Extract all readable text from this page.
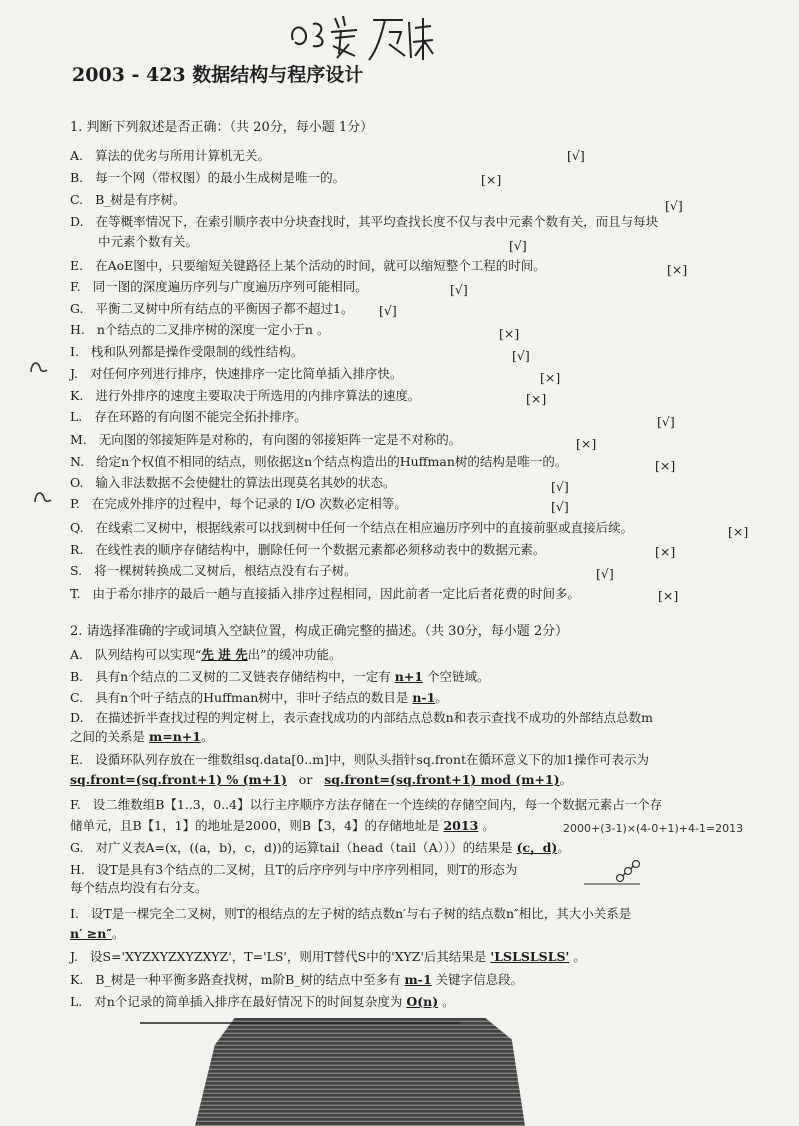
2003 - 423 数据结构与程序设计
1. 判断下列叙述是否正确：（共 20分，每小题 1分）
A. 算法的优劣与所用计算机无关。	[√]
B. 每一个网（带权图）的最小生成树是唯一的。	[×]
C. B_树是有序树。	[√]
D. 在等概率情况下，在索引顺序表中分块查找时，其平均查找长度不仅与表中元素个数有关，而且与每块
中元素个数有关。	[√]
E. 在AoE图中，只要缩短关键路径上某个活动的时间，就可以缩短整个工程的时间。	[×]
F. 同一图的深度遍历序列与广度遍历序列可能相同。	[√]
G. 平衡二叉树中所有结点的平衡因子都不超过1。 [√]
H. n个结点的二叉排序树的深度一定小于n 。	[×]
I. 栈和队列都是操作受限制的线性结构。	[√]
J. 对任何序列进行排序，快速排序一定比简单插入排序快。	[×]
K. 进行外排序的速度主要取决于所选用的内排序算法的速度。	[×]
L. 存在环路的有向图不能完全拓扑排序。	[√]
M. 无向图的邻接矩阵是对称的，有向图的邻接矩阵一定是不对称的。	[×]
N. 给定n个权值不相同的结点，则依据这n个结点构造出的Huffman树的结构是唯一的。	[×]
O. 输入非法数据不会使健壮的算法出现莫名其妙的状态。	[√]
P. 在完成外排序的过程中，每个记录的 I/O 次数必定相等。	[√]
Q. 在线索二叉树中，根据线索可以找到树中任何一个结点在相应遍历序列中的直接前驱或直接后续。	[×]
R. 在线性表的顺序存储结构中，删除任何一个数据元素都必须移动表中的数据元素。	[×]
S. 将一棵树转换成二叉树后，根结点没有右子树。	[√]
T. 由于希尔排序的最后一趟与直接插入排序过程相同，因此前者一定比后者花费的时间多。	[×]
2. 请选择准确的字或词填入空缺位置，构成正确完整的描述。（共 30分，每小题 2分）
A. 队列结构可以实现“先 进 先出”的缓冲功能。
B. 具有n个结点的二叉树的二叉链表存储结构中，一定有 n+1 个空链域。
C. 具有n个叶子结点的Huffman树中，非叶子结点的数目是 n-1。
D. 在描述折半查找过程的判定树上，表示查找成功的内部结点总数n和表示查找不成功的外部结点总数m
之间的关系是 m=n+1。
E. 设循环队列存放在一维数组sq.data[0..m]中，则队头指针sq.front在循环意义下的加1操作可表示为
sq.front=(sq.front+1) % (m+1) or sq.front=(sq.front+1) mod (m+1)。
F. 设二维数组B【1..3，0..4】以行主序顺序方法存储在一个连续的存储空间内，每一个数据元素占一个存
储单元，且B【1，1】的地址是2000，则B【3，4】的存储地址是 2013 。	2000+(3-1)×(4-0+1)+4-1=2013
G. 对广义表A=(x，((a，b)，c，d))的运算tail（head（tail（A）））的结果是 (c，d)。
H. 设T是具有3个结点的二叉树，且T的后序序列与中序序列相同，则T的形态为
每个结点均没有右分支。
I. 设T是一棵完全二叉树，则T的根结点的左子树的结点数n′与右子树的结点数n″相比，其大小关系是
n′ ≥n″。
J. 设S='XYZXYZXYZXYZ'，T='LS'，则用T替代S中的'XYZ'后其结果是 'LSLSLSLS' 。
K. B_树是一种平衡多路查找树，m阶B_树的结点中至多有 m-1 关键字信息段。
L. 对n个记录的简单插入排序在最好情况下的时间复杂度为 O(n) 。
